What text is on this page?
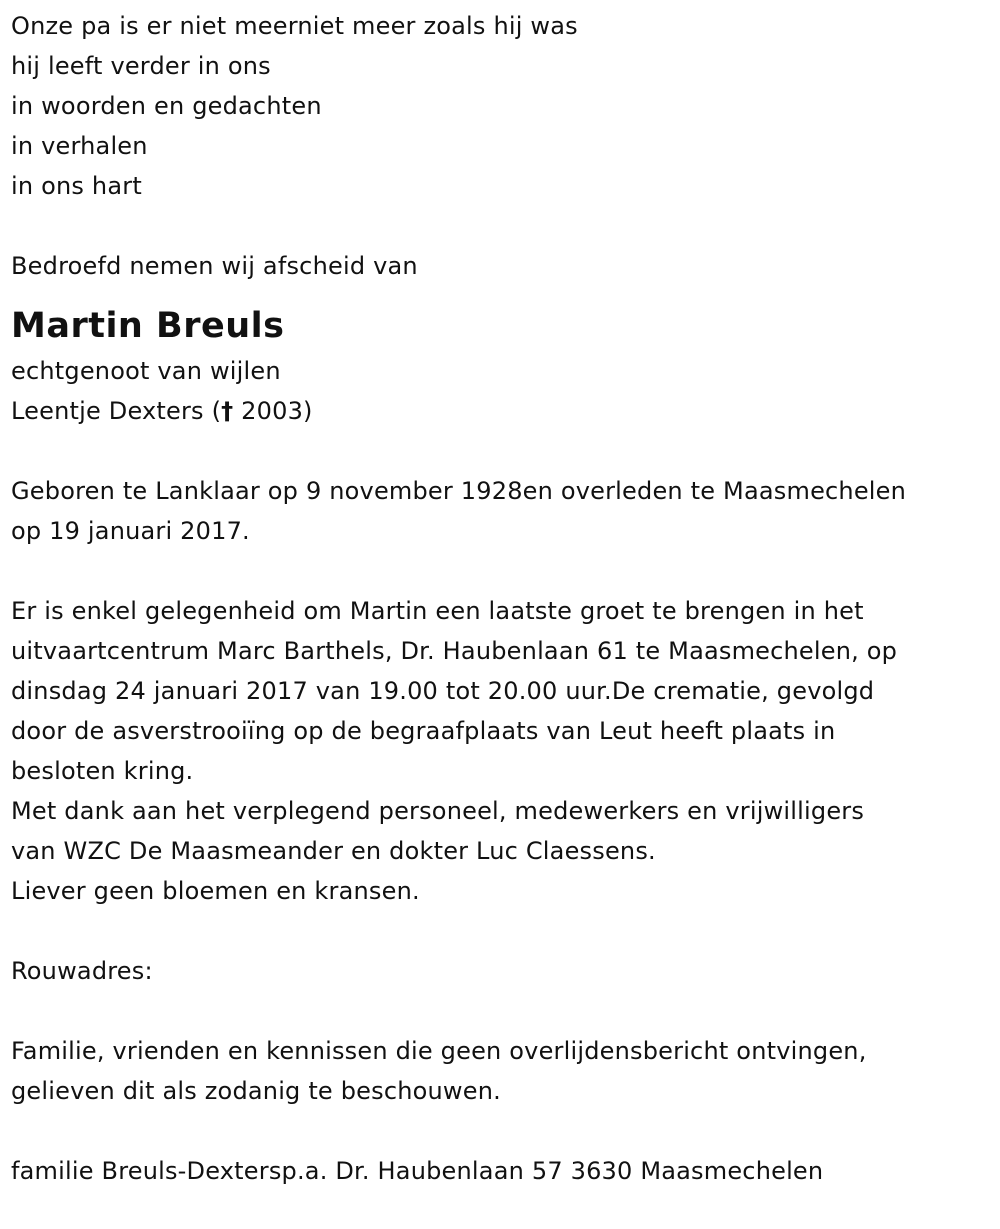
Onze pa is er niet meerniet meer zoals hij was
hij leeft verder in ons
in woorden en gedachten
in verhalen
in ons hart
Bedroefd nemen wij afscheid van
Martin Breuls
echtgenoot van wijlen
Leentje Dexters († 2003)
Geboren te Lanklaar op 9 november 1928en overleden te Maasmechelen
op 19 januari 2017.
Er is enkel gelegenheid om Martin een laatste groet te brengen in het
uitvaartcentrum Marc Barthels, Dr. Haubenlaan 61 te Maasmechelen, op
dinsdag 24 januari 2017 van 19.00 tot 20.00 uur.De crematie, gevolgd
door de asverstrooiïng op de begraafplaats van Leut heeft plaats in
besloten kring.
Met dank aan het verplegend personeel, medewerkers en vrijwilligers
van WZC De Maasmeander en dokter Luc Claessens.
Liever geen bloemen en kransen.
Rouwadres:
Familie, vrienden en kennissen die geen overlijdensbericht ontvingen,
gelieven dit als zodanig te beschouwen.
familie Breuls-Dextersp.a. Dr. Haubenlaan 57 3630 Maasmechelen
